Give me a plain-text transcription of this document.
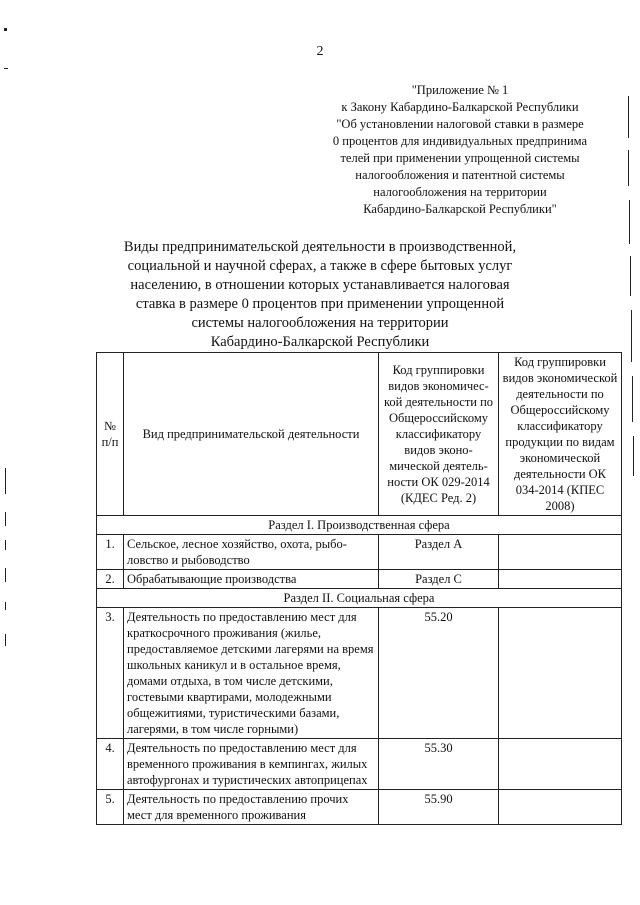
2
"Приложение № 1
к Закону Кабардино-Балкарской Республики
"Об установлении налоговой ставки в размере
0 процентов для индивидуальных предпринима
телей при применении упрощенной системы
налогообложения и патентной системы
налогообложения на территории
Кабардино-Балкарской Республики"
Виды предпринимательской деятельности в производственной,
социальной и научной сферах, а также в сфере бытовых услуг
населению, в отношении которых устанавливается налоговая
ставка в размере 0 процентов при применении упрощенной
системы налогообложения на территории
Кабардино-Балкарской Республики
№ п/п	Вид предпринимательской деятельности	Код группировки видов экономической деятельности по Общероссийскому классификатору видов экономической деятельности ОК 029-2014 (КДЕС Ред. 2)	Код группировки видов экономической деятельности по Общероссийскому классификатору продукции по видам экономической деятельности ОК 034-2014 (КПЕС 2008)
Раздел I. Производственная сфера			
1.	Сельское, лесное хозяйство, охота, рыболовство и рыбоводство	Раздел A	
2.	Обрабатывающие производства	Раздел C	
Раздел II. Социальная сфера			
3.	Деятельность по предоставлению мест для краткосрочного проживания (жилье, предоставляемое детскими лагерями на время школьных каникул и в остальное время, домами отдыха, в том числе детскими, гостевыми квартирами, молодежными общежитиями, туристическими базами, лагерями, в том числе горными)	55.20	
4.	Деятельность по предоставлению мест для временного проживания в кемпингах, жилых автофургонах и туристических автоприцепах	55.30	
5.	Деятельность по предоставлению прочих мест для временного проживания	55.90	
